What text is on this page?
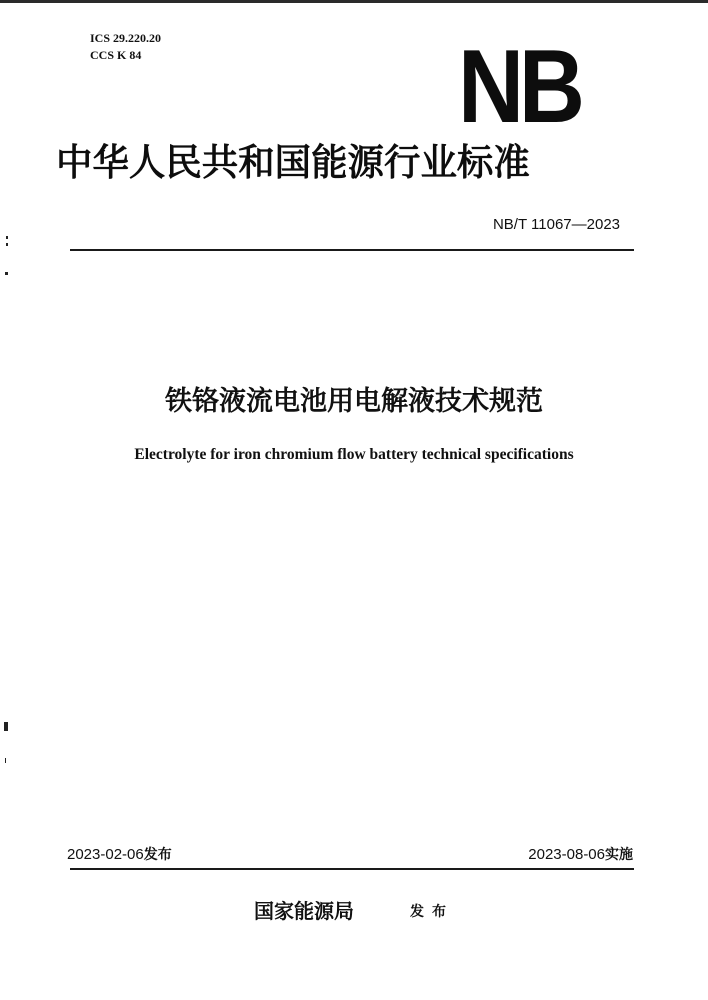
ICS 29.220.20
CCS K 84	NB
中华人民共和国能源行业标准
NB/T 11067—2023
铁铬液流电池用电解液技术规范
Electrolyte for iron chromium flow battery technical specifications
2023-02-06发布	2023-08-06实施
国家能源局	发布
